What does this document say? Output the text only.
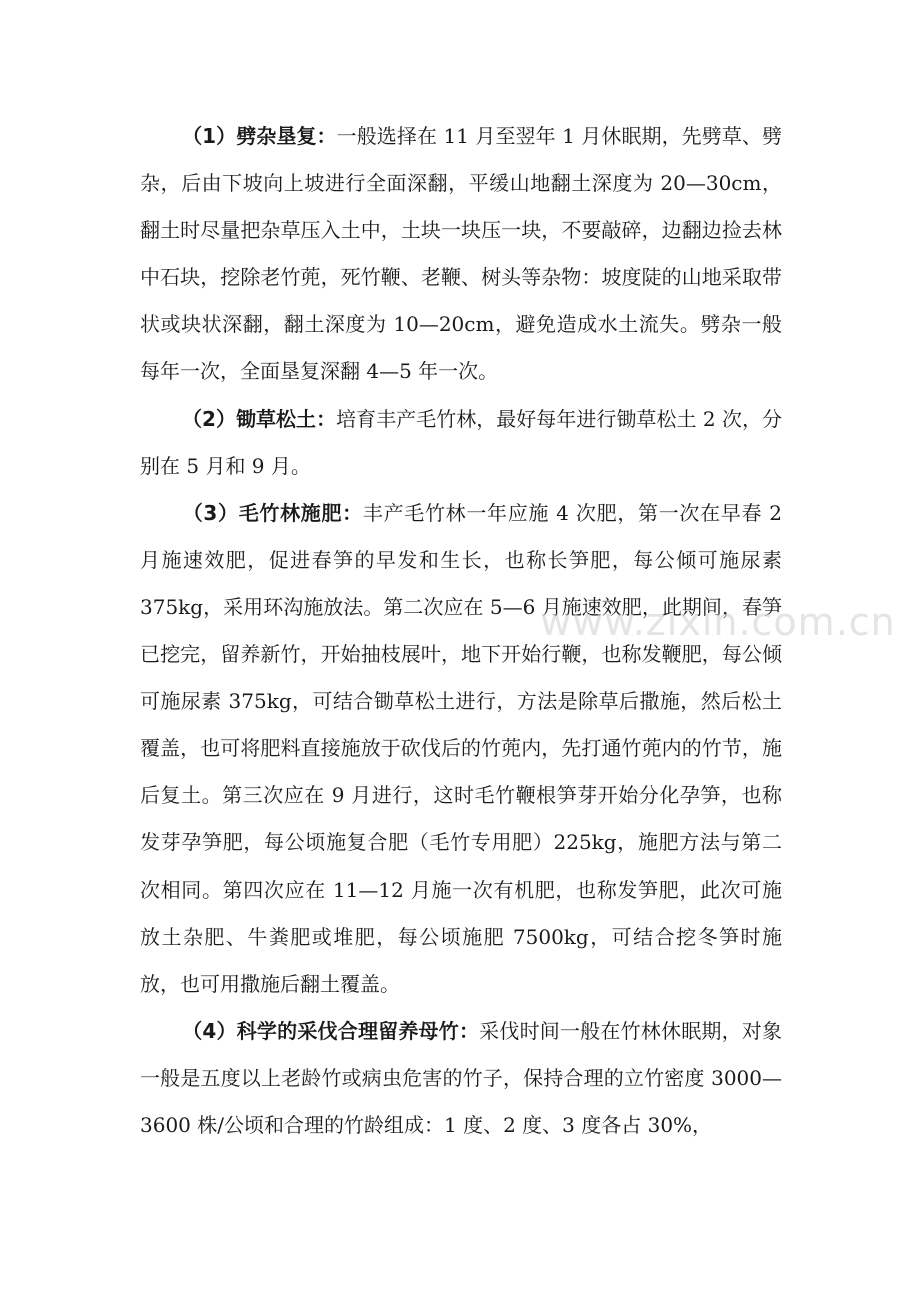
（1）劈杂垦复：一般选择在 11 月至翌年 1 月休眠期，先劈草、劈杂，后由下坡向上坡进行全面深翻，平缓山地翻土深度为 20—30cm，翻土时尽量把杂草压入土中，土块一块压一块，不要敲碎，边翻边捡去林中石块，挖除老竹蔸，死竹鞭、老鞭、树头等杂物：坡度陡的山地采取带状或块状深翻，翻土深度为 10—20cm，避免造成水土流失。劈杂一般每年一次，全面垦复深翻 4—5 年一次。

（2）锄草松土：培育丰产毛竹林，最好每年进行锄草松土 2 次，分别在 5 月和 9 月。

（3）毛竹林施肥：丰产毛竹林一年应施 4 次肥，第一次在早春 2 月施速效肥，促进春笋的早发和生长，也称长笋肥，每公倾可施尿素 375kg，采用环沟施放法。第二次应在 5—6 月施速效肥，此期间，春笋已挖完，留养新竹，开始抽枝展叶，地下开始行鞭，也称发鞭肥，每公倾可施尿素 375kg，可结合锄草松土进行，方法是除草后撒施，然后松土覆盖，也可将肥料直接施放于砍伐后的竹蔸内，先打通竹蔸内的竹节，施后复土。第三次应在 9 月进行，这时毛竹鞭根笋芽开始分化孕笋，也称发芽孕笋肥，每公顷施复合肥（毛竹专用肥）225kg，施肥方法与第二次相同。第四次应在 11—12 月施一次有机肥，也称发笋肥，此次可施放土杂肥、牛粪肥或堆肥，每公顷施肥 7500kg，可结合挖冬笋时施放，也可用撒施后翻土覆盖。

（4）科学的采伐合理留养母竹：采伐时间一般在竹林休眠期，对象一般是五度以上老龄竹或病虫危害的竹子，保持合理的立竹密度 3000—3600 株/公顷和合理的竹龄组成：1 度、2 度、3 度各占 30%，

www.zixin.com.cn
